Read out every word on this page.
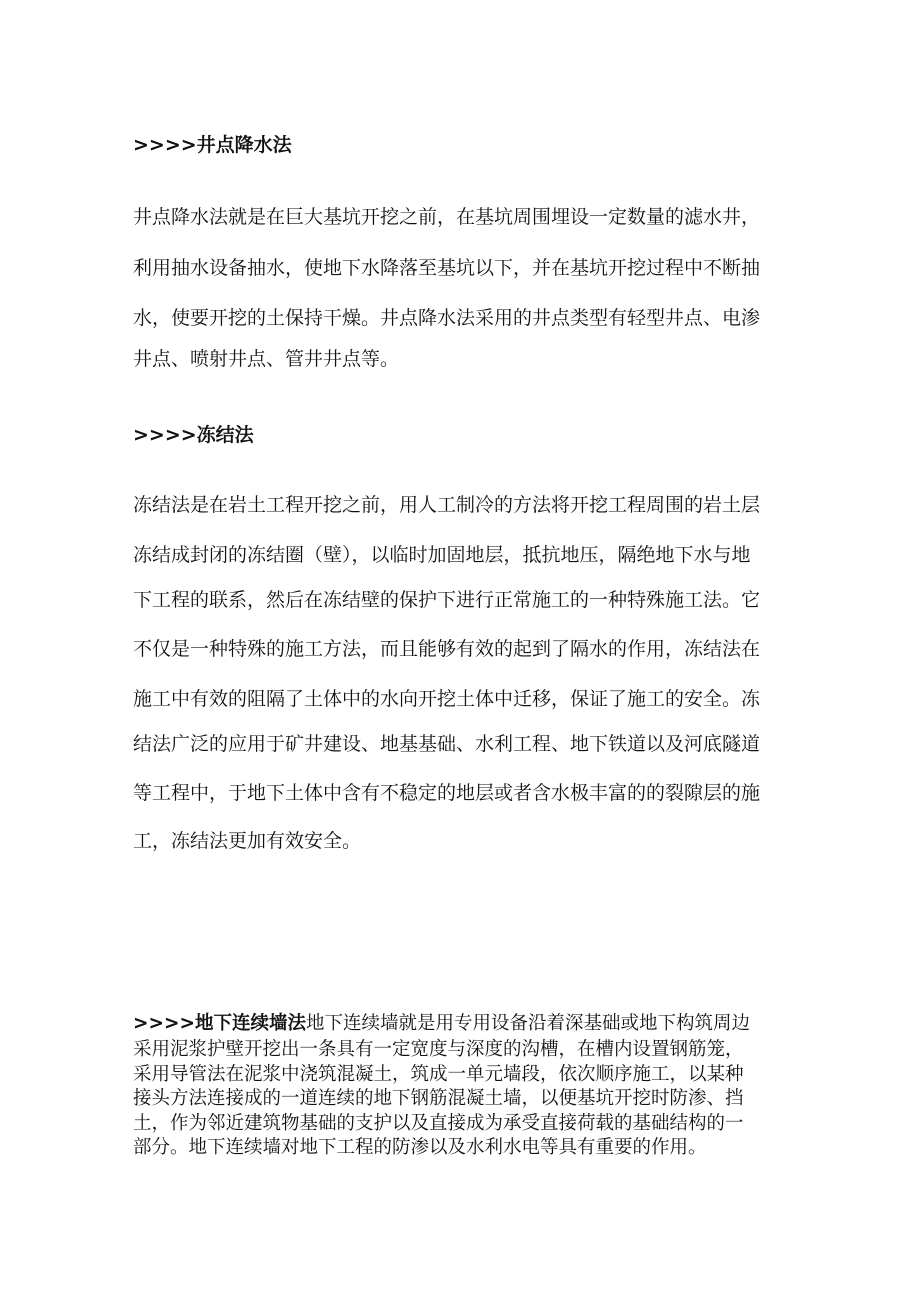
>>>>井点降水法
井点降水法就是在巨大基坑开挖之前，在基坑周围埋设一定数量的滤水井，
利用抽水设备抽水，使地下水降落至基坑以下，并在基坑开挖过程中不断抽
水，使要开挖的土保持干燥。井点降水法采用的井点类型有轻型井点、电渗
井点、喷射井点、管井井点等。
>>>>冻结法
冻结法是在岩土工程开挖之前，用人工制冷的方法将开挖工程周围的岩土层
冻结成封闭的冻结圈（壁），以临时加固地层，抵抗地压，隔绝地下水与地
下工程的联系，然后在冻结壁的保护下进行正常施工的一种特殊施工法。它
不仅是一种特殊的施工方法，而且能够有效的起到了隔水的作用，冻结法在
施工中有效的阻隔了土体中的水向开挖土体中迁移，保证了施工的安全。冻
结法广泛的应用于矿井建设、地基基础、水利工程、地下铁道以及河底隧道
等工程中，于地下土体中含有不稳定的地层或者含水极丰富的的裂隙层的施
工，冻结法更加有效安全。
>>>>地下连续墙法地下连续墙就是用专用设备沿着深基础或地下构筑周边
采用泥浆护壁开挖出一条具有一定宽度与深度的沟槽，在槽内设置钢筋笼，
采用导管法在泥浆中浇筑混凝土，筑成一单元墙段，依次顺序施工，以某种
接头方法连接成的一道连续的地下钢筋混凝土墙，以便基坑开挖时防渗、挡
土，作为邻近建筑物基础的支护以及直接成为承受直接荷载的基础结构的一
部分。地下连续墙对地下工程的防渗以及水利水电等具有重要的作用。
